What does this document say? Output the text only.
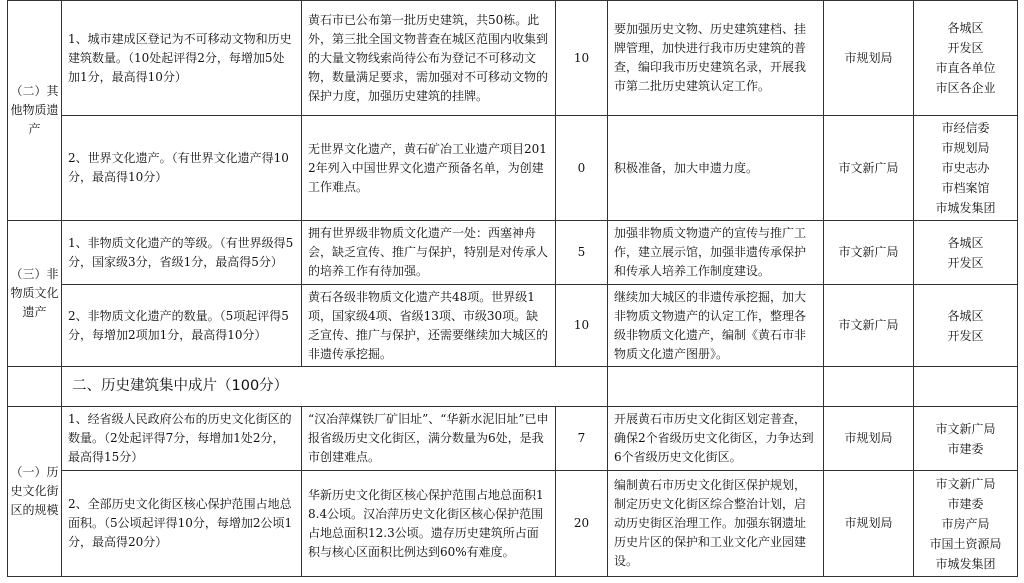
（二）其他物质遗产	1、城市建成区登记为不可移动文物和历史建筑数量。（10处起评得2分，每增加5处加1分，最高得10分）	黄石市已公布第一批历史建筑，共50栋。此外，第三批全国文物普查在城区范围内收集到的大量文物线索尚待公布为登记不可移动文物，数量满足要求，需加强对不可移动文物的保护力度，加强历史建筑的挂牌。	10	要加强历史文物、历史建筑建档、挂牌管理，加快进行我市历史建筑的普查，编印我市历史建筑名录，开展我市第二批历史建筑认定工作。	市规划局	各城区
开发区
市直各单位
市区各企业

	2、世界文化遗产。（有世界文化遗产得10分，最高得10分）	无世界文化遗产，黄石矿冶工业遗产项目2012年列入中国世界文化遗产预备名单，为创建工作难点。	0	积极准备，加大申遗力度。	市文新广局	市经信委
市规划局
市史志办
市档案馆
市城发集团

（三）非物质文化遗产	1、非物质文化遗产的等级。（有世界级得5分，国家级3分，省级1分，最高得5分）	拥有世界级非物质文化遗产一处：西塞神舟会，缺乏宣传、推广与保护，特别是对传承人的培养工作有待加强。	5	加强非物质文物遗产的宣传与推广工作，建立展示馆，加强非遗传承保护和传承人培养工作制度建设。	市文新广局	各城区
开发区

	2、非物质文化遗产的数量。（5项起评得5分，每增加2项加1分，最高得10分）	黄石各级非物质文化遗产共48项。世界级1项，国家级4项、省级13项、市级30项。缺乏宣传、推广与保护，还需要继续加大城区的非遗传承挖掘。	10	继续加大城区的非遗传承挖掘，加大非物质文物遗产的认定工作，整理各级非物质文化遗产，编制《黄石市非物质文化遗产图册》。	市文新广局	各城区
开发区

	二、历史建筑集中成片（100分）					
（一）历史文化街区的规模	1、经省级人民政府公布的历史文化街区的数量。（2处起评得7分，每增加1处2分，最高得15分）	“汉冶萍煤铁厂矿旧址”、“华新水泥旧址”已申报省级历史文化街区，满分数量为6处，是我市创建难点。	7	开展黄石市历史文化街区划定普查，确保2个省级历史文化街区，力争达到6个省级历史文化街区。	市规划局	市文新广局
市建委

	2、全部历史文化街区核心保护范围占地总面积。（5公顷起评得10分，每增加2公顷1分，最高得20分）	华新历史文化街区核心保护范围占地总面积18.4公顷。汉冶萍历史文化街区核心保护范围占地总面积12.3公顷。遗存历史建筑所占面积与核心区面积比例达到60%有难度。	20	编制黄石市历史文化街区保护规划，制定历史文化街区综合整治计划，启动历史街区治理工作。加强东钢遗址历史片区的保护和工业文化产业园建设。	市规划局	市文新广局
市建委
市房产局
市国土资源局
市城发集团
